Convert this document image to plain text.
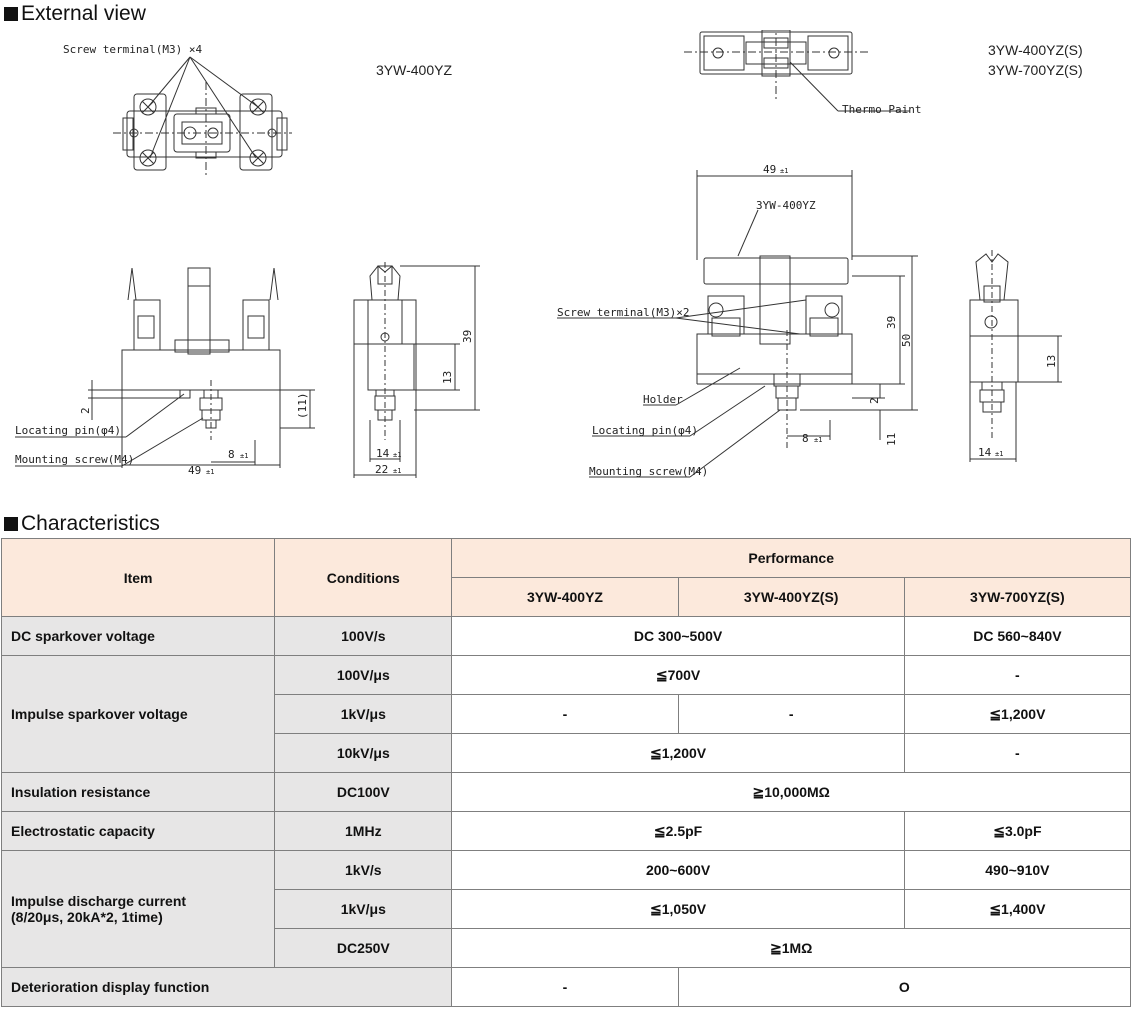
External view
3YW-400YZ
3YW-400YZ(S)
3YW-700YZ(S)
Screw terminal(M3) ×4
Thermo Paint
3YW-400YZ
Screw terminal(M3)×2
Holder
Locating pin(φ4)
Mounting screw(M4)
Locating pin(φ4)
Mounting screw(M4)
49 ±1
8 ±1	14 ±1
22 ±1
49 ±1
8 ±1
14 ±1
2	(11)
39
13
39
50
2
11
13
Characteristics
Item	Conditions	Performance		
		3YW-400YZ	3YW-400YZ(S)	3YW-700YZ(S)
DC sparkover voltage	100V/s	DC 300~500V		DC 560~840V
Impulse sparkover voltage	100V/μs	≦700V		-
	1kV/μs	-	-	≦1,200V
	10kV/μs	≦1,200V		-
Insulation resistance	DC100V	≧10,000MΩ		
Electrostatic capacity	1MHz	≦2.5pF		≦3.0pF

Impulse discharge current
(8/20μs, 20kA*2, 1time)	1kV/s	200~600V		490~910V
	1kV/μs	≦1,050V		≦1,400V
	DC250V	≧1MΩ		
Deterioration display function		-	O	
